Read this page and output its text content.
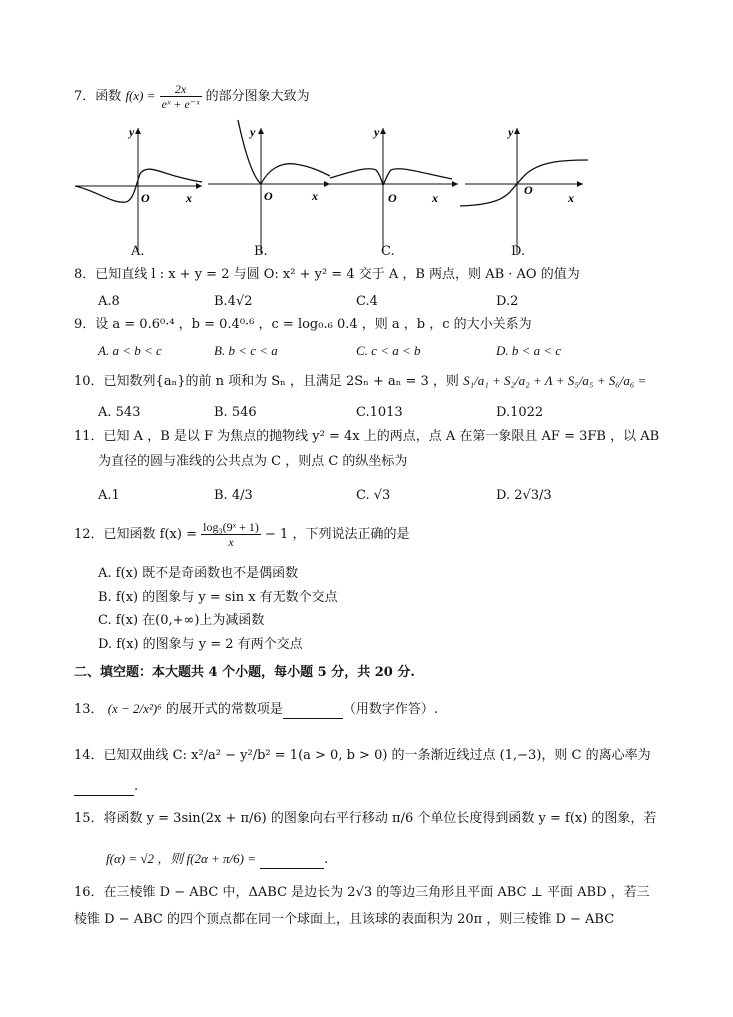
7．函数 $f(x) = \frac{2x}{\text{eˣ + e⁻ˣ}}$ 的部分图象大致为
y
O	x
y
O	x
y
O	x
y
O
x
A.	B.	C.	D.
8．已知直线 l : x + y = 2 与圆 O: x² + y² = 4 交于 A ，B 两点，则 AB · AO 的值为
A.8	B.4√2	C.4	D.2
9．设 a = 0.6⁰·⁴ ，b = 0.4⁰·⁶ ，c = log₀.₆ 0.4 ，则 a ，b ，c 的大小关系为
A. a < b < c	B. b < c < a	C. c < a < b	D. b < a < c
10．已知数列{aₙ}的前 n 项和为 Sₙ ，且满足 2Sₙ + aₙ = 3 ，则 S₁/a₁ + S₂/a₂ + Λ + S₅/a₅ + S₆/a₆ =
A. 543	B. 546	C.1013	D.1022
11．已知 A ，B 是以 F 为焦点的抛物线 y² = 4x 上的两点，点 A 在第一象限且 AF = 3FB ，以 AB
为直径的圆与准线的公共点为 C ，则点 C 的纵坐标为
A.1	B. 4/3	C. √3	D. 2√3/3
12．已知函数 $f(x) = \frac{\text{log₃(9ˣ + 1)}}{x} - 1$ ，下列说法正确的是
A. f(x) 既不是奇函数也不是偶函数
B. f(x) 的图象与 y = sin x 有无数个交点
C. f(x) 在(0,+∞)上为减函数
D. f(x) 的图象与 y = 2 有两个交点
二、填空题：本大题共 4 个小题，每小题 5 分，共 20 分.
13． (x − 2/x²)⁶ 的展开式的常数项是	（用数字作答）.
14．已知双曲线 C: x²/a² − y²/b² = 1(a > 0, b > 0) 的一条渐近线过点 (1,−3)，则 C 的离心率为
.
15．将函数 y = 3sin(2x + π/6) 的图象向右平行移动 π/6 个单位长度得到函数 y = f(x) 的图象，若
f(α) = √2 ，则 f(2α + π/6) =	.
16．在三棱锥 D − ABC 中，ΔABC 是边长为 2√3 的等边三角形且平面 ABC ⊥ 平面 ABD ，若三
棱锥 D − ABC 的四个顶点都在同一个球面上，且该球的表面积为 20π ，则三棱锥 D − ABC
